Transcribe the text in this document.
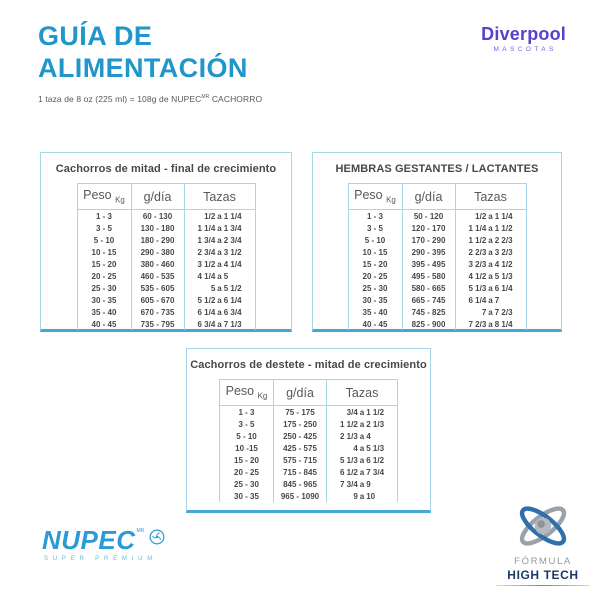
GUÍA DE
ALIMENTACIÓN
1 taza de 8 oz (225 ml) = 108g de $NUPEC^{MR}$ CACHORRO
Diverpool
MASCOTAS
Cachorros de mitad - final de crecimiento
Peso $_{Kg}$	g/día	Tazas
1 - 3	60 - 130	1/2 a 1 1/4
3 - 5	130 - 180	1 1/4 a 1 3/4
5 - 10	180 - 290	1 3/4 a 2 3/4
10 - 15	290 - 380	2 3/4 a 3 1/2
15 - 20	380 - 460	3 1/2 a 4 1/4
20 - 25	460 - 535	4 1/4 a 5
25 - 30	535 - 605	5 a 5 1/2
30 - 35	605 - 670	5 1/2 a 6 1/4
35 - 40	670 - 735	6 1/4 a 6 3/4
40 - 45	735 - 795	6 3/4 a 7 1/3
HEMBRAS GESTANTES / LACTANTES
Peso $_{Kg}$	g/día	Tazas
1 - 3	50 - 120	1/2 a 1 1/4
3 - 5	120 - 170	1 1/4 a 1 1/2
5 - 10	170 - 290	1 1/2 a 2 2/3
10 - 15	290 - 395	2 2/3 a 3 2/3
15 - 20	395 - 495	3 2/3 a 4 1/2
20 - 25	495 - 580	4 1/2 a 5 1/3
25 - 30	580 - 665	5 1/3 a 6 1/4
30 - 35	665 - 745	6 1/4 a 7
35 - 40	745 - 825	7 a 7 2/3
40 - 45	825 - 900	7 2/3 a 8 1/4
Cachorros de destete - mitad de crecimiento
Peso $_{Kg}$	g/día	Tazas
1 - 3	75 - 175	3/4 a 1 1/2
3 - 5	175 - 250	1 1/2 a 2 1/3
5 - 10	250 - 425	2 1/3 a 4
10 -15	425 - 575	4 a 5 1/3
15 - 20	575 - 715	5 1/3 a 6 1/2
20 - 25	715 - 845	6 1/2 a 7 3/4
25 - 30	845 - 965	7 3/4 a 9
30 - 35	965 - 1090	9 a 10
$NUPEC^{MR}$
SUPER PREMIUM	FÓRMULA
HIGH TECH
